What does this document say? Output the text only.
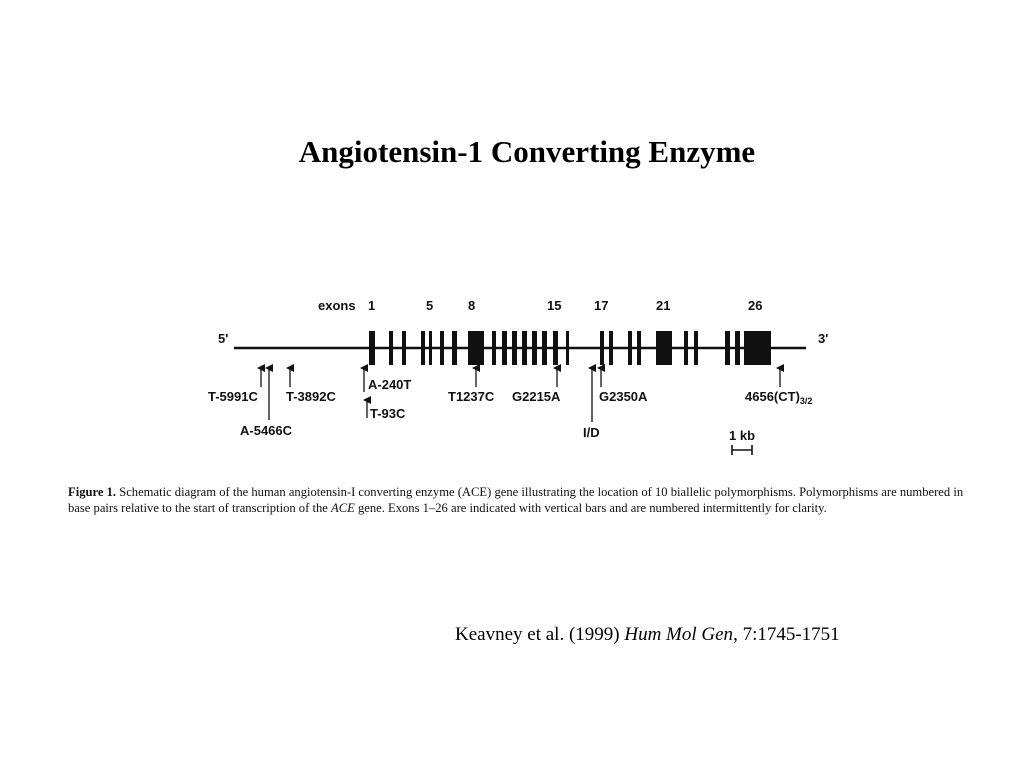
Angiotensin-1 Converting Enzyme
exons 1	5	8	15	17	21	26
5'	3'
T-5991C
A-5466C
T-3892C
A-240T
T-93C
T1237C G2215A
I/D
G2350A	$4656(CT)_{3/2}$
1 kb
Figure 1. Schematic diagram of the human angiotensin-I converting enzyme (ACE) gene illustrating the location of 10 biallelic polymorphisms. Polymorphisms are numbered in base pairs relative to the start of transcription of the ACE gene. Exons 1–26 are indicated with vertical bars and are numbered intermittently for clarity.
Keavney et al. (1999) Hum Mol Gen, 7:1745-1751
